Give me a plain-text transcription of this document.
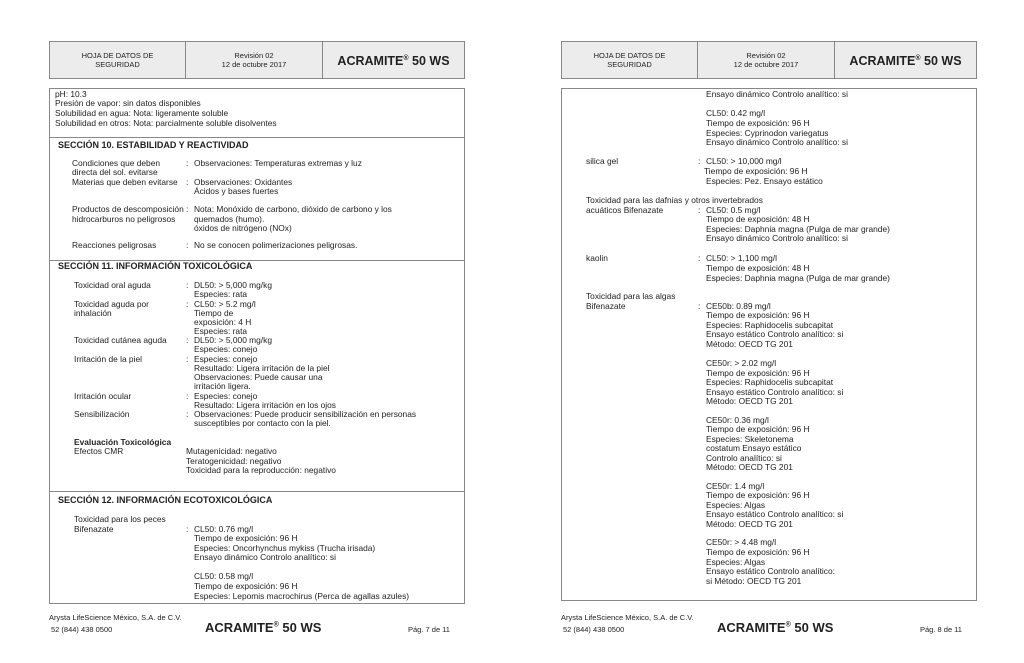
HOJA DE DATOS DE SEGURIDAD
Revisión 02
12 de octubre 2017	ACRAMITE® 50 WS
pH: 10.3
Presión de vapor: sin datos disponibles
Solubilidad en agua: Nota: ligeramente soluble
Solubilidad en otros: Nota: parcialmente soluble disolventes
SECCIÓN 10. ESTABILIDAD Y REACTIVIDAD
Condiciones que deben
directa del sol. evitarse
: Observaciones: Temperaturas extremas y luz
Materias que deben evitarse : Observaciones: Oxidantes
Ácidos y bases fuertes
Productos de descomposición
hidrocarburos no peligrosos
: Nota: Monóxido de carbono, dióxido de carbono y los
quemados (humo).
óxidos de nitrógeno (NOx)
Reacciones peligrosas	: No se conocen polimerizaciones peligrosas.
SECCIÓN 11. INFORMACIÓN TOXICOLÓGICA
Toxicidad oral aguda	: DL50: > 5,000 mg/kg
Especies: rata
Toxicidad aguda por
inhalación
: CL50: > 5.2 mg/l
Tiempo de
exposición: 4 H
Especies: rata
Toxicidad cutánea aguda : DL50: > 5,000 mg/kg
Especies: conejo
Irritación de la piel	: Especies: conejo
Resultado: Ligera irritación de la piel
Observaciones: Puede causar una
irritación ligera.
Irritación ocular	: Especies: conejo
Resultado: Ligera irritación en los ojos
Sensibilización	: Observaciones: Puede producir sensibilización en personas
susceptibles por contacto con la piel.
Evaluación Toxicológica
Efectos CMR	Mutagenicidad: negativo
Teratogenicidad: negativo
Toxicidad para la reproducción: negativo
SECCIÓN 12. INFORMACIÓN ECOTOXICOLÓGICA
Toxicidad para los peces
Bifenazate	: CL50: 0.76 mg/l
Tiempo de exposición: 96 H
Especies: Oncorhynchus mykiss (Trucha irisada)
Ensayo dinámico Controlo analítico: si
CL50: 0.58 mg/l
Tiempo de exposición: 96 H
Especies: Lepomis macrochirus (Perca de agallas azules)
Arysta LifeScience México, S.A. de C.V.
52 (844) 438 0500	ACRAMITE® 50 WS	Pág. 7 de 11
HOJA DE DATOS DE SEGURIDAD
Revisión 02
12 de octubre 2017	ACRAMITE® 50 WS
Ensayo dinámico Controlo analítico: si
CL50: 0.42 mg/l
Tiempo de exposición: 96 H
Especies: Cyprinodon variegatus
Ensayo dinámico Controlo analítico: si
silica gel	: CL50: > 10,000 mg/l
Tiempo de exposición: 96 H
Especies: Pez. Ensayo estático
Toxicidad para las dafnias y otros invertebrados
acuáticos Bifenazate	: CL50: 0.5 mg/l
Tiempo de exposición: 48 H
Especies: Daphnia magna (Pulga de mar grande)
Ensayo dinámico Controlo analítico: si
kaolin	: CL50: > 1,100 mg/l
Tiempo de exposición: 48 H
Especies: Daphnia magna (Pulga de mar grande)
Toxicidad para las algas
Bifenazate	: CE50b: 0.89 mg/l
Tiempo de exposición: 96 H
Especies: Raphidocelis subcapitat
Ensayo estático Controlo analítico: si
Método: OECD TG 201
CE50r: > 2.02 mg/l
Tiempo de exposición: 96 H
Especies: Raphidocelis subcapitat
Ensayo estático Controlo analítico: si
Método: OECD TG 201
CE50r: 0.36 mg/l
Tiempo de exposición: 96 H
Especies: Skeletonema
costatum Ensayo estático
Controlo analítico: si
Método: OECD TG 201
CE50r: 1.4 mg/l
Tiempo de exposición: 96 H
Especies: Algas
Ensayo estático Controlo analítico: si
Método: OECD TG 201
CE50r: > 4.48 mg/l
Tiempo de exposición: 96 H
Especies: Algas
Ensayo estático Controlo analítico:
si Método: OECD TG 201
Arysta LifeScience México, S.A. de C.V.
52 (844) 438 0500	ACRAMITE® 50 WS	Pág. 8 de 11
